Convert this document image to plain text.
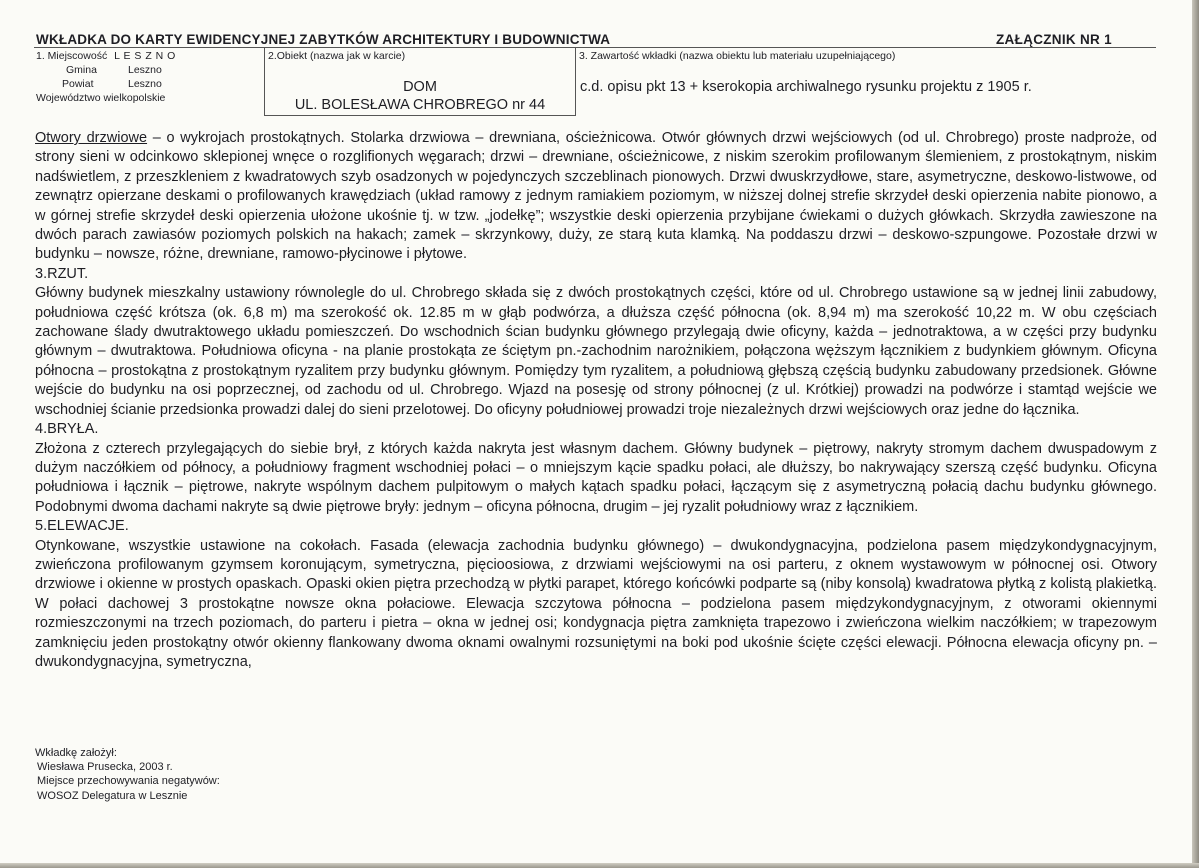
WKŁADKA DO KARTY EWIDENCYJNEJ ZABYTKÓW ARCHITEKTURY I BUDOWNICTWA	ZAŁĄCZNIK NR 1
1. Miejscowość L E S Z N O
Gmina	Leszno
Powiat	Leszno
Województwo wielkopolskie
2.Obiekt (nazwa jak w karcie)
DOM
UL. BOLESŁAWA CHROBREGO nr 44
3. Zawartość wkładki (nazwa obiektu lub materiału uzupełniającego)
c.d. opisu pkt 13 + kserokopia archiwalnego rysunku projektu z 1905 r.

Otwory drzwiowe – o wykrojach prostokątnych. Stolarka drzwiowa – drewniana, ościeżnicowa. Otwór głównych drzwi wejściowych (od ul. Chrobrego) proste nadproże, od strony sieni w odcinkowo sklepionej wnęce o rozglifionych węgarach; drzwi – drewniane, ościeżnicowe, z niskim szerokim profilowanym ślemieniem, z prostokątnym, niskim nadświetlem, z przeszkleniem z kwadratowych szyb osadzonych w pojedynczych szczeblinach pionowych. Drzwi dwuskrzydłowe, stare, asymetryczne, deskowo-listwowe, od zewnątrz opierzane deskami o profilowanych krawędziach (układ ramowy z jednym ramiakiem poziomym, w niższej dolnej strefie skrzydeł deski opierzenia nabite pionowo, a w górnej strefie skrzydeł deski opierzenia ułożone ukośnie tj. w tzw. „jodełkę”; wszystkie deski opierzenia przybijane ćwiekami o dużych główkach. Skrzydła zawieszone na dwóch parach zawiasów poziomych polskich na hakach; zamek – skrzynkowy, duży, ze starą kuta klamką. Na poddaszu drzwi – deskowo-szpungowe. Pozostałe drzwi w budynku – nowsze, różne, drewniane, ramowo-płycinowe i płytowe.

3.RZUT.

Główny budynek mieszkalny ustawiony równolegle do ul. Chrobrego składa się z dwóch prostokątnych części, które od ul. Chrobrego ustawione są w jednej linii zabudowy, południowa część krótsza (ok. 6,8 m) ma szerokość ok. 12.85 m w głąb podwórza, a dłuższa część północna (ok. 8,94 m) ma szerokość 10,22 m. W obu częściach zachowane ślady dwutraktowego układu pomieszczeń. Do wschodnich ścian budynku głównego przylegają dwie oficyny, każda – jednotraktowa, a w części przy budynku głównym – dwutraktowa. Południowa oficyna - na planie prostokąta ze ściętym pn.-zachodnim narożnikiem, połączona węższym łącznikiem z budynkiem głównym. Oficyna północna – prostokątna z prostokątnym ryzalitem przy budynku głównym. Pomiędzy tym ryzalitem, a południową głębszą częścią budynku zabudowany przedsionek. Główne wejście do budynku na osi poprzecznej, od zachodu od ul. Chrobrego. Wjazd na posesję od strony północnej (z ul. Krótkiej) prowadzi na podwórze i stamtąd wejście we wschodniej ścianie przedsionka prowadzi dalej do sieni przelotowej. Do oficyny południowej prowadzi troje niezależnych drzwi wejściowych oraz jedne do łącznika.

4.BRYŁA.

Złożona z czterech przylegających do siebie brył, z których każda nakryta jest własnym dachem. Główny budynek – piętrowy, nakryty stromym dachem dwuspadowym z dużym naczółkiem od północy, a południowy fragment wschodniej połaci – o mniejszym kącie spadku połaci, ale dłuższy, bo nakrywający szerszą część budynku. Oficyna południowa i łącznik – piętrowe, nakryte wspólnym dachem pulpitowym o małych kątach spadku połaci, łączącym się z asymetryczną połacią dachu budynku głównego. Podobnymi dwoma dachami nakryte są dwie piętrowe bryły: jednym – oficyna północna, drugim – jej ryzalit południowy wraz z łącznikiem.

5.ELEWACJE.

Otynkowane, wszystkie ustawione na cokołach. Fasada (elewacja zachodnia budynku głównego) – dwukondygnacyjna, podzielona pasem międzykondygnacyjnym, zwieńczona profilowanym gzymsem koronującym, symetryczna, pięcioosiowa, z drzwiami wejściowymi na osi parteru, z oknem wystawowym w północnej osi. Otwory drzwiowe i okienne w prostych opaskach. Opaski okien piętra przechodzą w płytki parapet, którego końcówki podparte są (niby konsolą) kwadratowa płytką z kolistą plakietką. W połaci dachowej 3 prostokątne nowsze okna połaciowe. Elewacja szczytowa północna – podzielona pasem międzykondygnacyjnym, z otworami okiennymi rozmieszczonymi na trzech poziomach, do parteru i pietra – okna w jednej osi; kondygnacja piętra zamknięta trapezowo i zwieńczona wielkim naczółkiem; w trapezowym zamknięciu jeden prostokątny otwór okienny flankowany dwoma oknami owalnymi rozsuniętymi na boki pod ukośnie ścięte części elewacji. Północna elewacja oficyny pn. – dwukondygnacyjna, symetryczna,

Wkładkę założył:
Wiesława Prusecka, 2003 r.
Miejsce przechowywania negatywów:
WOSOZ Delegatura w Lesznie
